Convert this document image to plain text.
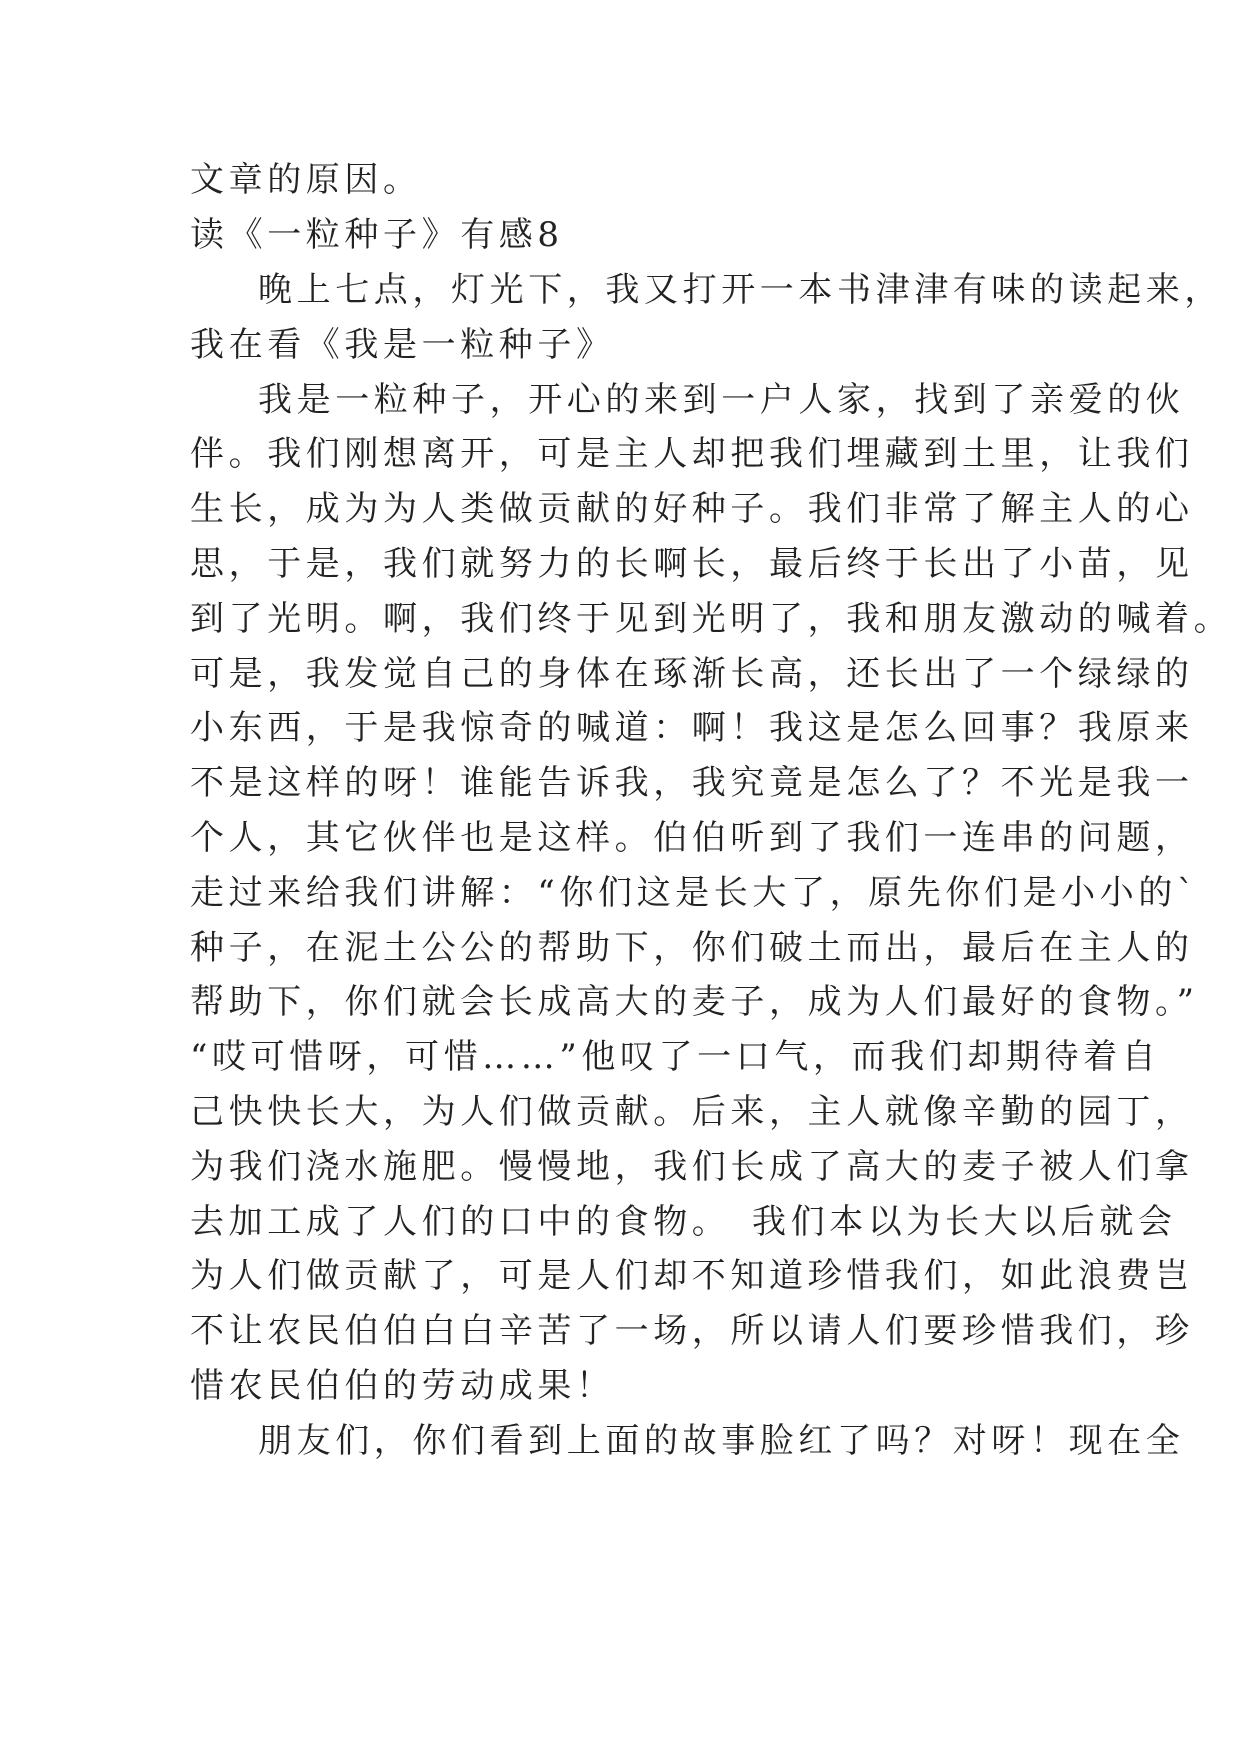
文章的原因。
读《一粒种子》有感8
晚上七点，灯光下，我又打开一本书津津有味的读起来，
我在看《我是一粒种子》
我是一粒种子，开心的来到一户人家，找到了亲爱的伙
伴。我们刚想离开，可是主人却把我们埋藏到土里，让我们
生长，成为为人类做贡献的好种子。我们非常了解主人的心
思，于是，我们就努力的长啊长，最后终于长出了小苗，见
到了光明。啊，我们终于见到光明了，我和朋友激动的喊着。
可是，我发觉自己的身体在琢渐长高，还长出了一个绿绿的
小东西，于是我惊奇的喊道：啊！我这是怎么回事？我原来
不是这样的呀！谁能告诉我，我究竟是怎么了？不光是我一
个人，其它伙伴也是这样。伯伯听到了我们一连串的问题，
走过来给我们讲解：“你们这是长大了，原先你们是小小的`
种子，在泥土公公的帮助下，你们破土而出，最后在主人的
帮助下，你们就会长成高大的麦子，成为人们最好的食物。”
“哎可惜呀，可惜……”他叹了一口气，而我们却期待着自
己快快长大，为人们做贡献。后来，主人就像辛勤的园丁，
为我们浇水施肥。慢慢地，我们长成了高大的麦子被人们拿
去加工成了人们的口中的食物。　我们本以为长大以后就会
为人们做贡献了，可是人们却不知道珍惜我们，如此浪费岂
不让农民伯伯白白辛苦了一场，所以请人们要珍惜我们，珍
惜农民伯伯的劳动成果！
朋友们，你们看到上面的故事脸红了吗？对呀！现在全
